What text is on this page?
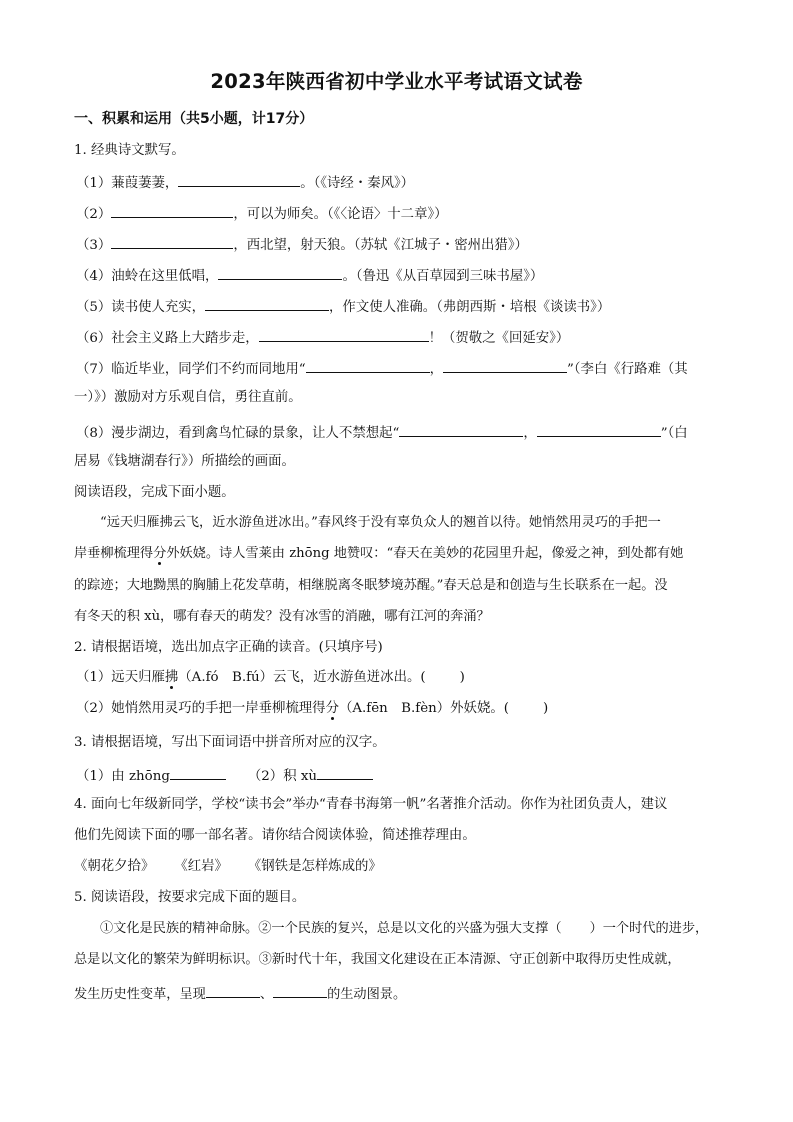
2023年陕西省初中学业水平考试语文试卷
一、积累和运用（共5小题，计17分）
1. 经典诗文默写。
（1）蒹葭萋萋，	。（《诗经・秦风》）
（2）	，可以为师矣。（《〈论语〉十二章》）
（3）	，西北望，射天狼。（苏轼《江城子・密州出猎》）
（4）油蛉在这里低唱，	。（鲁迅《从百草园到三味书屋》）
（5）读书使人充实，	，作文使人准确。（弗朗西斯・培根《谈读书》）
（6）社会主义路上大踏步走，	！（贺敬之《回延安》）
（7）临近毕业，同学们不约而同地用“	，	”（李白《行路难（其
一）》）激励对方乐观自信，勇往直前。
（8）漫步湖边，看到禽鸟忙碌的景象，让人不禁想起“	，	”（白
居易《钱塘湖春行》）所描绘的画面。
阅读语段，完成下面小题。
“远天归雁拂云飞，近水游鱼迸冰出。”春风终于没有辜负众人的翘首以待。她悄然用灵巧的手把一
岸垂柳梳理得分外妖娆。诗人雪莱由 zhōng 地赞叹：“春天在美妙的花园里升起，像爱之神，到处都有她
的踪迹；大地黝黑的胸脯上花发草萌，相继脱离冬眠梦境苏醒。”春天总是和创造与生长联系在一起。没
有冬天的积 xù，哪有春天的萌发？没有冰雪的消融，哪有江河的奔涌？
2. 请根据语境，选出加点字正确的读音。(只填序号)
（1）远天归雁拂（A.fó　B.fú）云飞，近水游鱼迸冰出。(	)
（2）她悄然用灵巧的手把一岸垂柳梳理得分（A.fēn　B.fèn）外妖娆。(	)
3. 请根据语境，写出下面词语中拼音所对应的汉字。
（1）由 zhōng	（2）积 xù
4. 面向七年级新同学，学校“读书会”举办“青春书海第一帆”名著推介活动。你作为社团负责人，建议
他们先阅读下面的哪一部名著。请你结合阅读体验，简述推荐理由。
《朝花夕拾》 《红岩》 《钢铁是怎样炼成的》
5. 阅读语段，按要求完成下面的题目。
①文化是民族的精神命脉。②一个民族的复兴，总是以文化的兴盛为强大支撑（ ）一个时代的进步，
总是以文化的繁荣为鲜明标识。③新时代十年，我国文化建设在正本清源、守正创新中取得历史性成就，
发生历史性变革，呈现	、	的生动图景。
